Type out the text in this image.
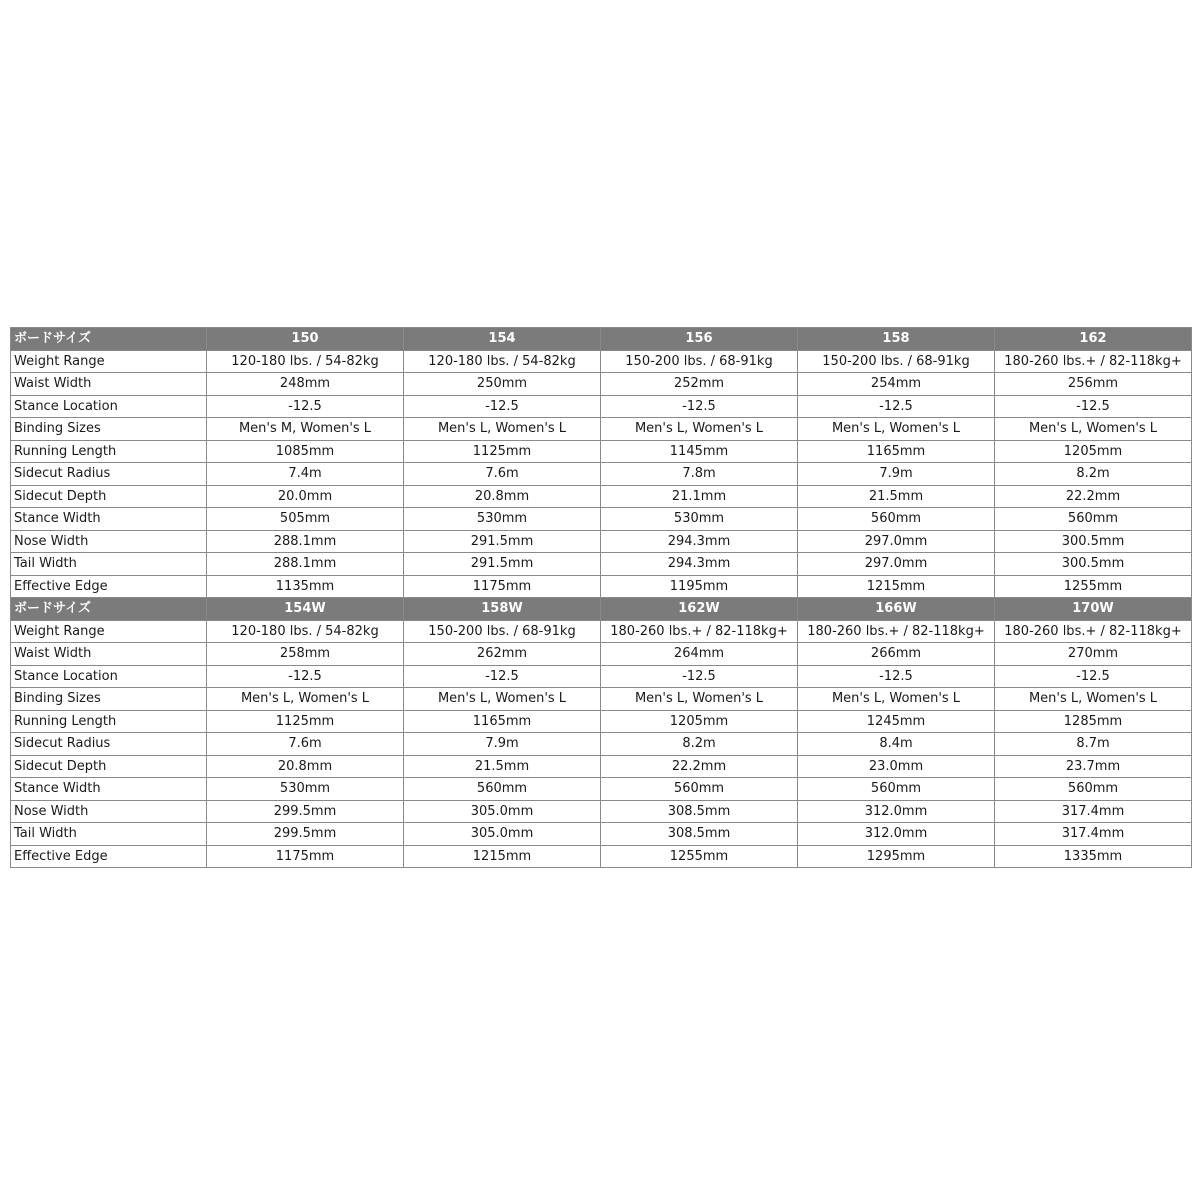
ボードサイズ	150	154	156	158	162
Weight Range	120-180 lbs. / 54-82kg	120-180 lbs. / 54-82kg	150-200 lbs. / 68-91kg	150-200 lbs. / 68-91kg	180-260 lbs.+ / 82-118kg+
Waist Width	248mm	250mm	252mm	254mm	256mm
Stance Location	-12.5	-12.5	-12.5	-12.5	-12.5
Binding Sizes	Men's M, Women's L	Men's L, Women's L	Men's L, Women's L	Men's L, Women's L	Men's L, Women's L
Running Length	1085mm	1125mm	1145mm	1165mm	1205mm
Sidecut Radius	7.4m	7.6m	7.8m	7.9m	8.2m
Sidecut Depth	20.0mm	20.8mm	21.1mm	21.5mm	22.2mm
Stance Width	505mm	530mm	530mm	560mm	560mm
Nose Width	288.1mm	291.5mm	294.3mm	297.0mm	300.5mm
Tail Width	288.1mm	291.5mm	294.3mm	297.0mm	300.5mm
Effective Edge	1135mm	1175mm	1195mm	1215mm	1255mm
ボードサイズ	154W	158W	162W	166W	170W
Weight Range	120-180 lbs. / 54-82kg	150-200 lbs. / 68-91kg	180-260 lbs.+ / 82-118kg+	180-260 lbs.+ / 82-118kg+	180-260 lbs.+ / 82-118kg+
Waist Width	258mm	262mm	264mm	266mm	270mm
Stance Location	-12.5	-12.5	-12.5	-12.5	-12.5
Binding Sizes	Men's L, Women's L	Men's L, Women's L	Men's L, Women's L	Men's L, Women's L	Men's L, Women's L
Running Length	1125mm	1165mm	1205mm	1245mm	1285mm
Sidecut Radius	7.6m	7.9m	8.2m	8.4m	8.7m
Sidecut Depth	20.8mm	21.5mm	22.2mm	23.0mm	23.7mm
Stance Width	530mm	560mm	560mm	560mm	560mm
Nose Width	299.5mm	305.0mm	308.5mm	312.0mm	317.4mm
Tail Width	299.5mm	305.0mm	308.5mm	312.0mm	317.4mm
Effective Edge	1175mm	1215mm	1255mm	1295mm	1335mm
